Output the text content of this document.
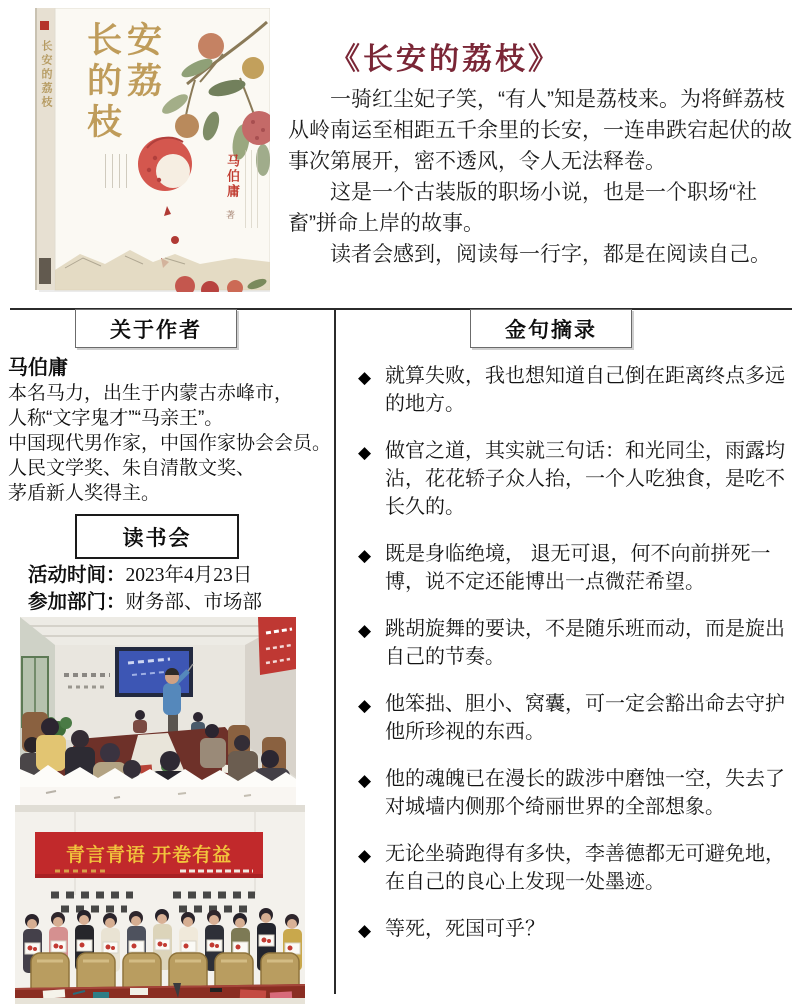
长安
的荔
枝
长安的荔枝
马伯庸
著
《长安的荔枝》

一骑红尘妃子笑，“有人”知是荔枝来。为将鲜荔枝从岭南运至相距五千余里的长安，一连串跌宕起伏的故事次第展开，密不透风，令人无法释卷。

这是一个古装版的职场小说，也是一个职场“社畜”拼命上岸的故事。

读者会感到，阅读每一行字，都是在阅读自己。

关于作者
马伯庸
本名马力，出生于内蒙古赤峰市，
人称“文字鬼才”“马亲王”。
中国现代男作家，中国作家协会会员。
人民文学奖、朱自清散文奖、
茅盾新人奖得主。
读书会
活动时间：2023年4月23日
参加部门：财务部、市场部
青言青语 开卷有益
金句摘录
◆ 就算失败，我也想知道自己倒在距离终点多远的地方。
◆ 做官之道，其实就三句话：和光同尘，雨露均沾，花花轿子众人抬，一个人吃独食，是吃不长久的。
◆ 既是身临绝境， 退无可退，何不向前拼死一博，说不定还能博出一点微茫希望。
◆ 跳胡旋舞的要诀，不是随乐班而动，而是旋出自己的节奏。
◆ 他笨拙、胆小、窝囊，可一定会豁出命去守护他所珍视的东西。
◆ 他的魂魄已在漫长的跋涉中磨蚀一空，失去了对城墙内侧那个绮丽世界的全部想象。
◆ 无论坐骑跑得有多快，李善德都无可避免地，在自己的良心上发现一处墨迹。
◆ 等死，死国可乎？
